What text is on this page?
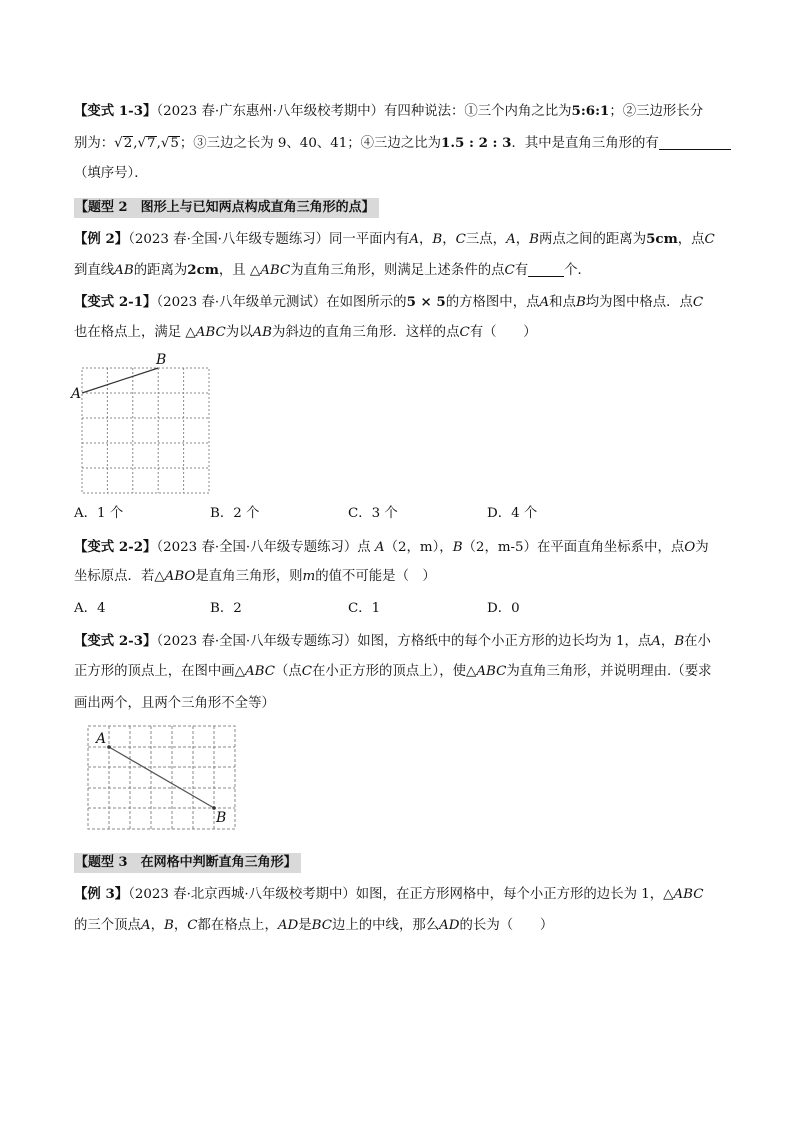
【变式 1-3】（2023 春·广东惠州·八年级校考期中）有四种说法：①三个内角之比为5:6:1；②三边形长分
别为：√2,√7,√5；③三边之长为 9、40、41；④三边之比为1.5 : 2 : 3．其中是直角三角形的有
（填序号）．
【题型 2　图形上与已知两点构成直角三角形的点】
【例 2】（2023 春·全国·八年级专题练习）同一平面内有A，B，C三点，A，B两点之间的距离为5cm，点C
到直线AB的距离为2cm，且 △ABC为直角三角形，则满足上述条件的点C有	个．
【变式 2-1】（2023 春·八年级单元测试）在如图所示的5 × 5的方格图中，点A和点B均为图中格点．点C
也在格点上，满足 △ABC为以AB为斜边的直角三角形．这样的点C有（　　）
A
B
A．1 个	B．2 个	C．3 个	D．4 个
【变式 2-2】（2023 春·全国·八年级专题练习）点 A（2，m），B（2，m-5）在平面直角坐标系中，点O为
坐标原点．若△ABO是直角三角形，则m的值不可能是（　）
A．4	B．2	C．1	D．0
【变式 2-3】（2023 春·全国·八年级专题练习）如图，方格纸中的每个小正方形的边长均为 1，点A，B在小
正方形的顶点上，在图中画△ABC（点C在小正方形的顶点上），使△ABC为直角三角形，并说明理由.（要求
画出两个，且两个三角形不全等）
A
B
【题型 3　在网格中判断直角三角形】
【例 3】（2023 春·北京西城·八年级校考期中）如图，在正方形网格中，每个小正方形的边长为 1，△ABC
的三个顶点A，B，C都在格点上，AD是BC边上的中线，那么AD的长为（　　）
